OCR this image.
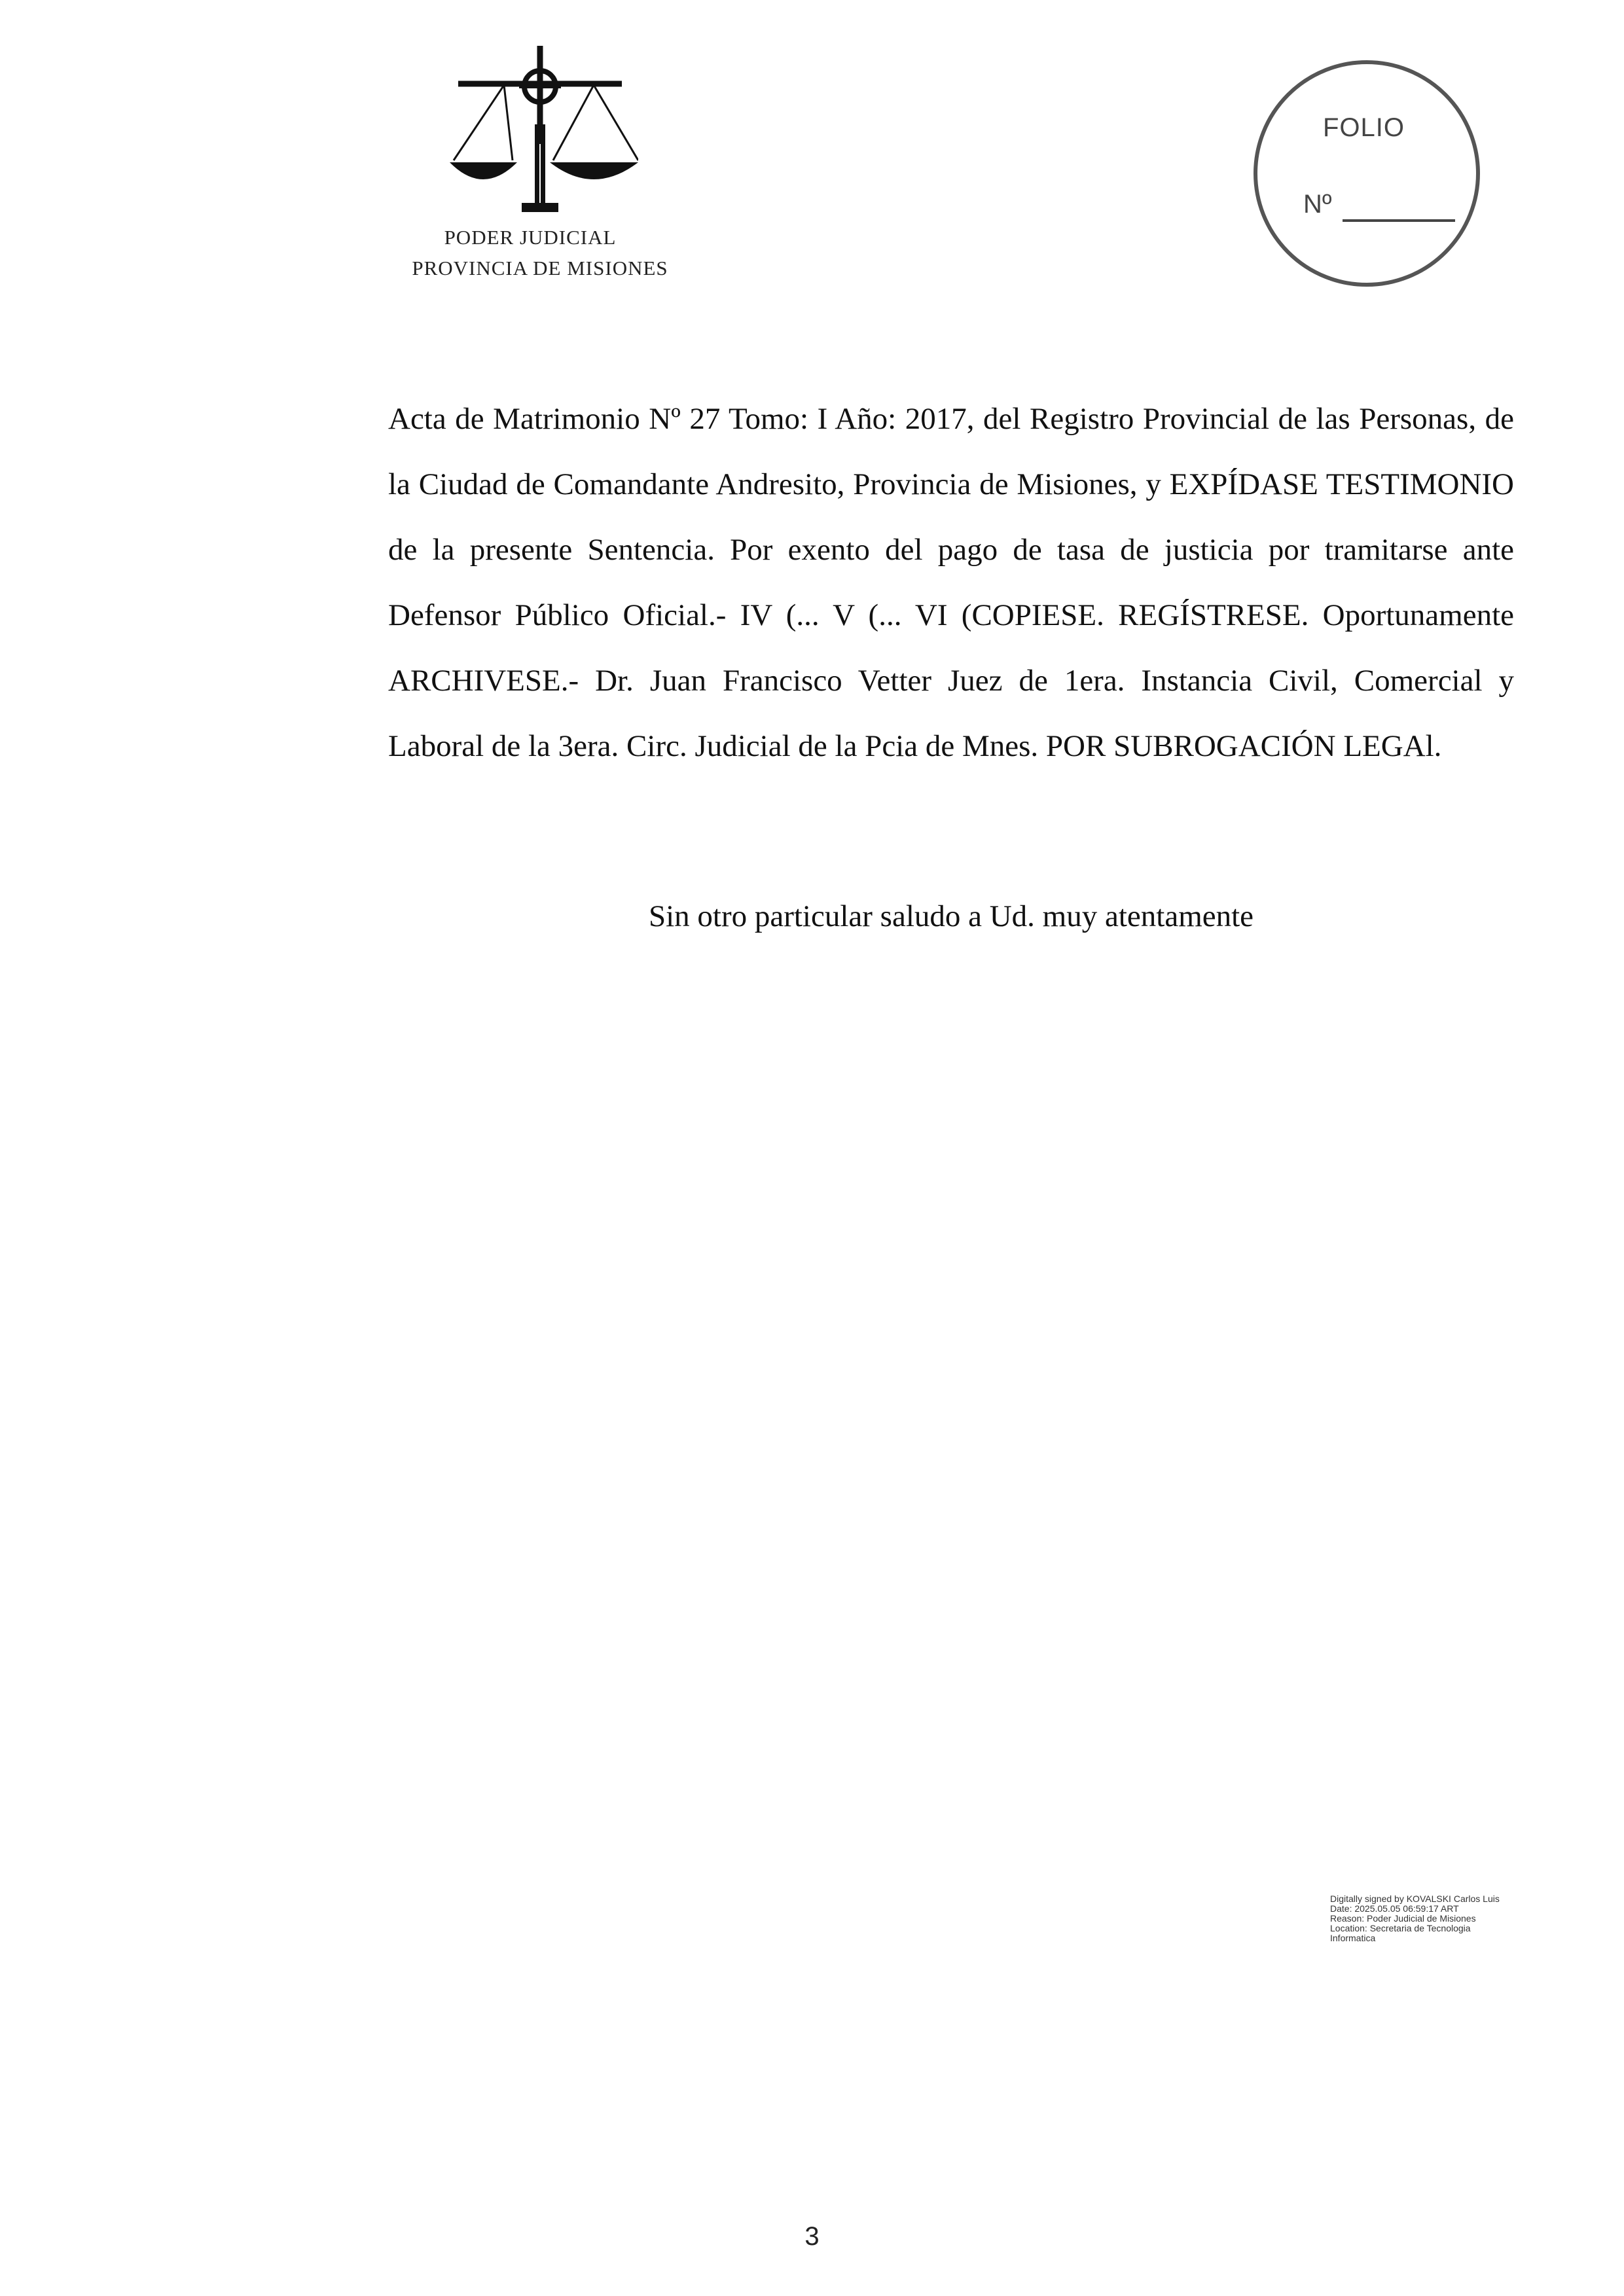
PODER JUDICIAL
PROVINCIA DE MISIONES
FOLIO
Nº
Acta de Matrimonio Nº 27 Tomo: I Año: 2017, del Registro Provincial de las Personas, de la Ciudad de Comandante Andresito, Provincia de Misiones, y EXPÍDASE TESTIMONIO de la presente Sentencia. Por exento del pago de tasa de justicia por tramitarse ante Defensor Público Oficial.- IV (... V (... VI (COPIESE. REGÍSTRESE. Oportunamente ARCHIVESE.- Dr. Juan Francisco Vetter Juez de 1era. Instancia Civil, Comercial y Laboral de la 3era. Circ. Judicial de la Pcia de Mnes. POR SUBROGACIÓN LEGAl.
Sin otro particular saludo a Ud. muy atentamente
Digitally signed by KOVALSKI Carlos Luis
Date: 2025.05.05 06:59:17 ART
Reason: Poder Judicial de Misiones
Location: Secretaria de Tecnologia
Informatica
3
